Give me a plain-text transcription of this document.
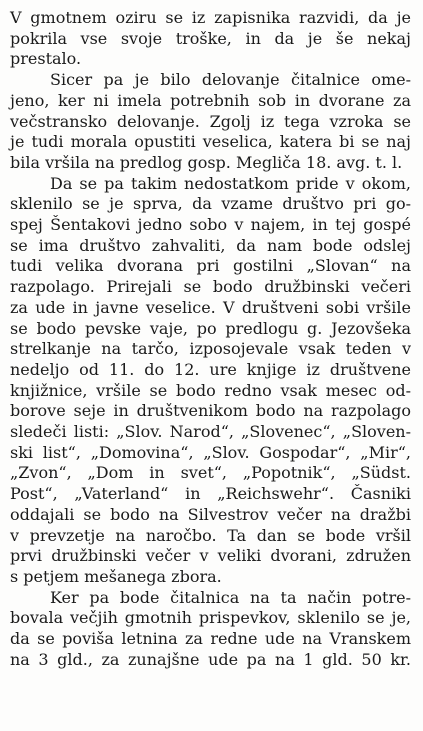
V gmotnem oziru se iz zapisnika razvidi, da je
pokrila vse svoje troške, in da je še nekaj
prestalo.
Sicer pa je bilo delovanje čitalnice ome-
jeno, ker ni imela potrebnih sob in dvorane za
večstransko delovanje. Zgolj iz tega vzroka se
je tudi morala opustiti veselica, katera bi se naj
bila vršila na predlog gosp. Megliča 18. avg. t. l.
Da se pa takim nedostatkom pride v okom,
sklenilo se je sprva, da vzame društvo pri go-
spej Šentakovi jedno sobo v najem, in tej gospé
se ima društvo zahvaliti, da nam bode odslej
tudi velika dvorana pri gostilni „Slovan“ na
razpolago. Prirejali se bodo družbinski večeri
za ude in javne veselice. V društveni sobi vršile
se bodo pevske vaje, po predlogu g. Jezovšeka
strelkanje na tarčo, izposojevale vsak teden v
nedeljo od 11. do 12. ure knjige iz društvene
knjižnice, vršile se bodo redno vsak mesec od-
borove seje in društvenikom bodo na razpolago
sledeči listi: „Slov. Narod“, „Slovenec“, „Sloven-
ski list“, „Domovina“, „Slov. Gospodar“, „Mir“,
„Zvon“, „Dom in svet“, „Popotnik“, „Südst.
Post“, „Vaterland“ in „Reichswehr“. Časniki
oddajali se bodo na Silvestrov večer na dražbi
v prevzetje na naročbo. Ta dan se bode vršil
prvi družbinski večer v veliki dvorani, združen
s petjem mešanega zbora.
Ker pa bode čitalnica na ta način potre-
bovala večjih gmotnih prispevkov, sklenilo se je,
da se poviša letnina za redne ude na Vranskem
na 3 gld., za zunajšne ude pa na 1 gld. 50 kr.
